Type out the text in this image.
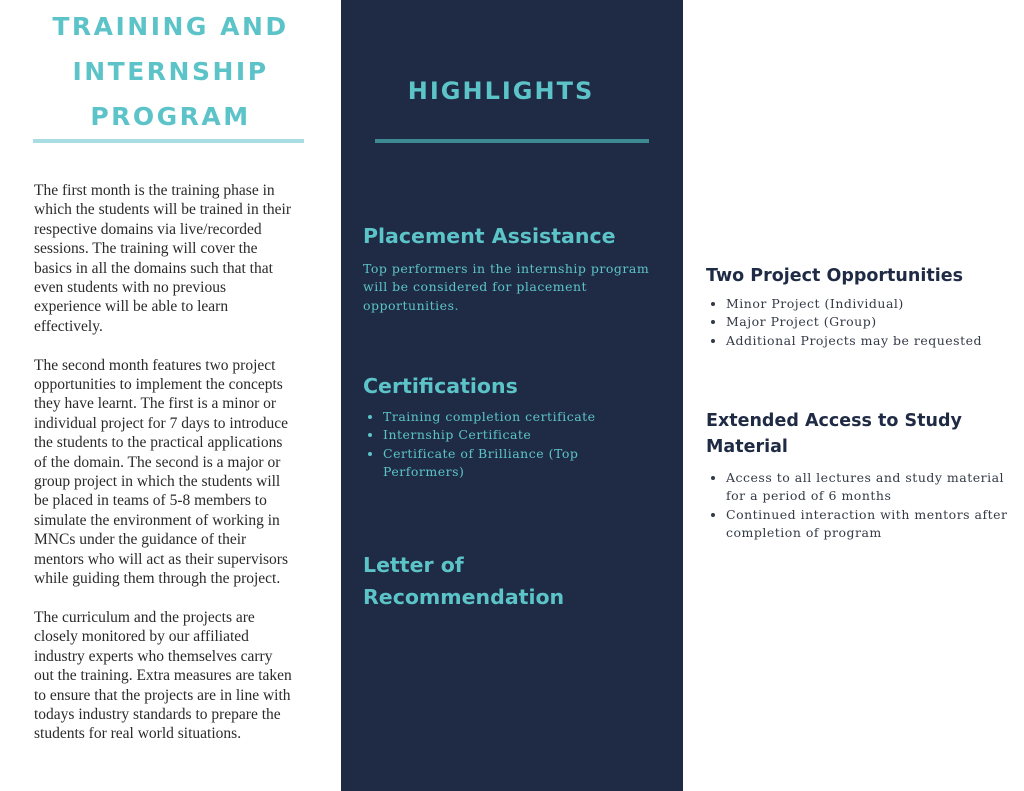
TRAINING AND
INTERNSHIP
PROGRAM

The first month is the training phase in which the students will be trained in their respective domains via live/recorded sessions. The training will cover the basics in all the domains such that that even students with no previous experience will be able to learn effectively.

The second month features two project opportunities to implement the concepts they have learnt. The first is a minor or individual project for 7 days to introduce the students to the practical applications of the domain. The second is a major or group project in which the students will be placed in teams of 5-8 members to simulate the environment of working in MNCs under the guidance of their mentors who will act as their supervisors while guiding them through the project.

The curriculum and the projects are closely monitored by our affiliated industry experts who themselves carry out the training. Extra measures are taken to ensure that the projects are in line with todays industry standards to prepare the students for real world situations.

HIGHLIGHTS
Placement Assistance

Top performers in the internship program will be considered for placement opportunities.

Certifications
• Training completion certificate
• Internship Certificate
• Certificate of Brilliance (Top Performers)
Letter of
Recommendation
Two Project Opportunities
• Minor Project (Individual)
• Major Project (Group)
• Additional Projects may be requested
Extended Access to Study
Material
• Access to all lectures and study material for a period of 6 months
• Continued interaction with mentors after completion of program
